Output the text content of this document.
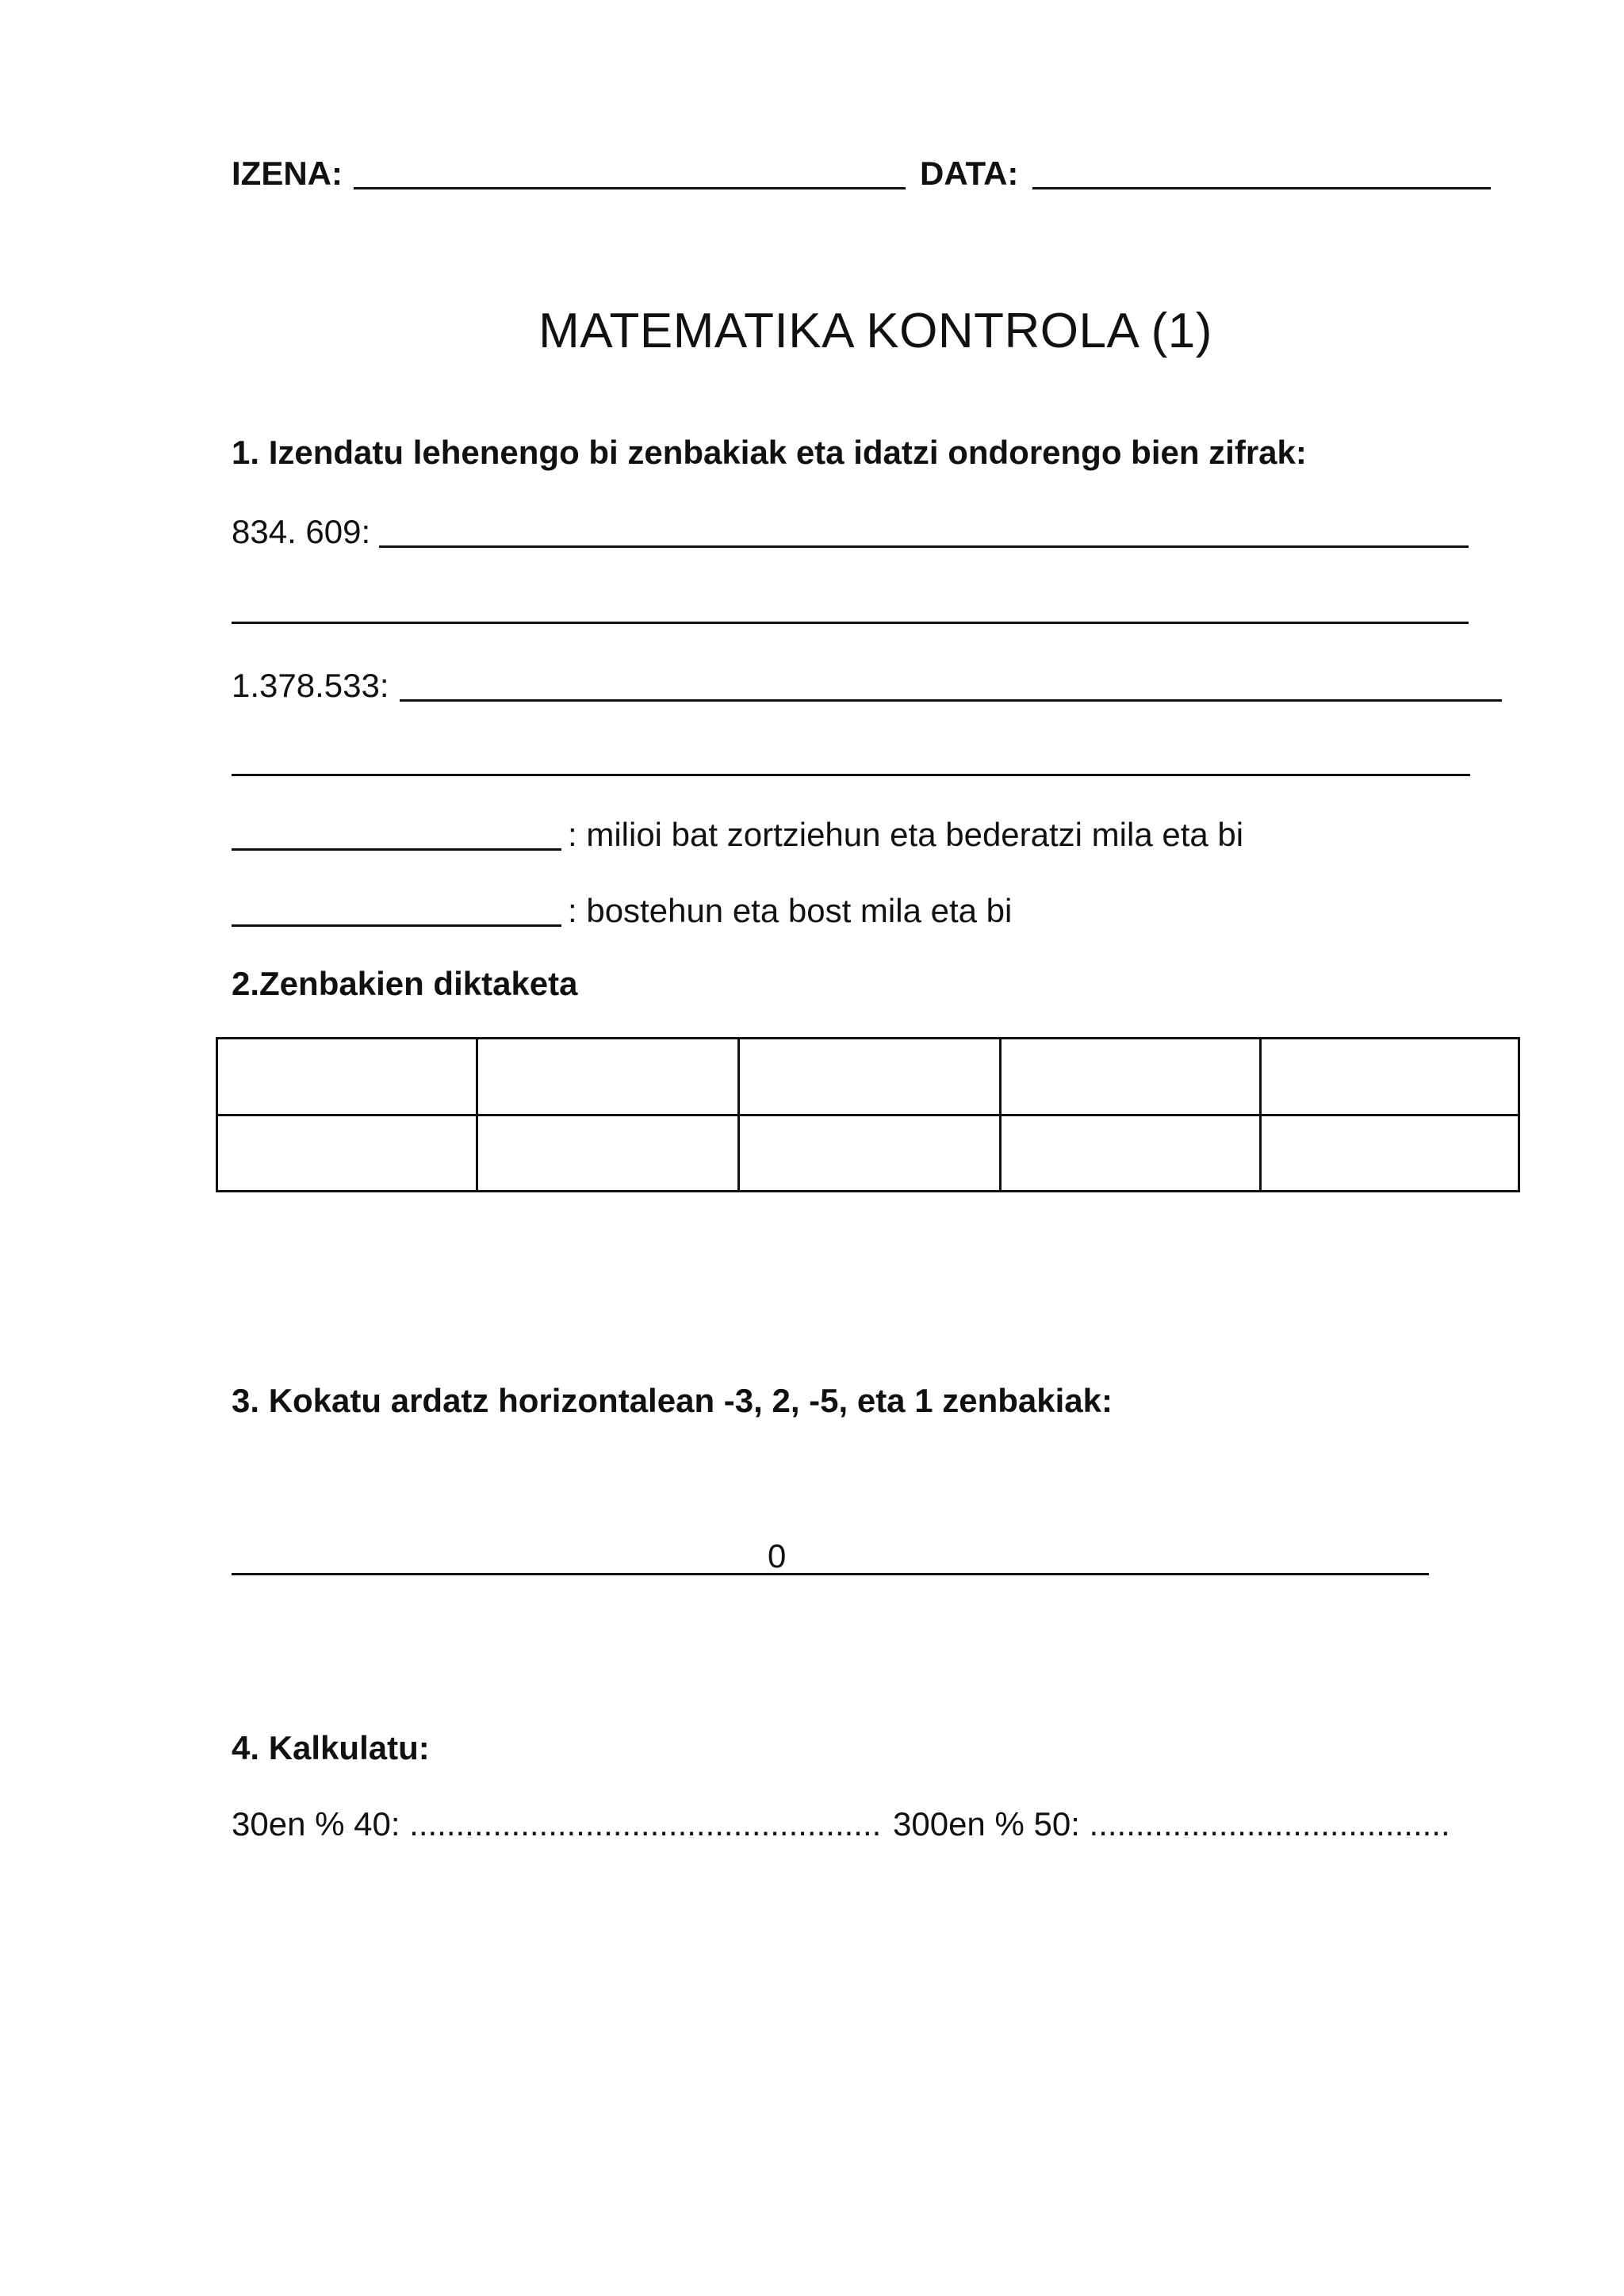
IZENA:	DATA:
MATEMATIKA KONTROLA (1)
1. Izendatu lehenengo bi zenbakiak eta idatzi ondorengo bien zifrak:
834. 609:
1.378.533:
: milioi bat zortziehun eta bederatzi mila eta bi
: bostehun eta bost mila eta bi
2.Zenbakien diktaketa

3. Kokatu ardatz horizontalean -3, 2, -5, eta 1 zenbakiak:
0
4. Kalkulatu:
30en % 40: ................................................... 300en % 50: .......................................
